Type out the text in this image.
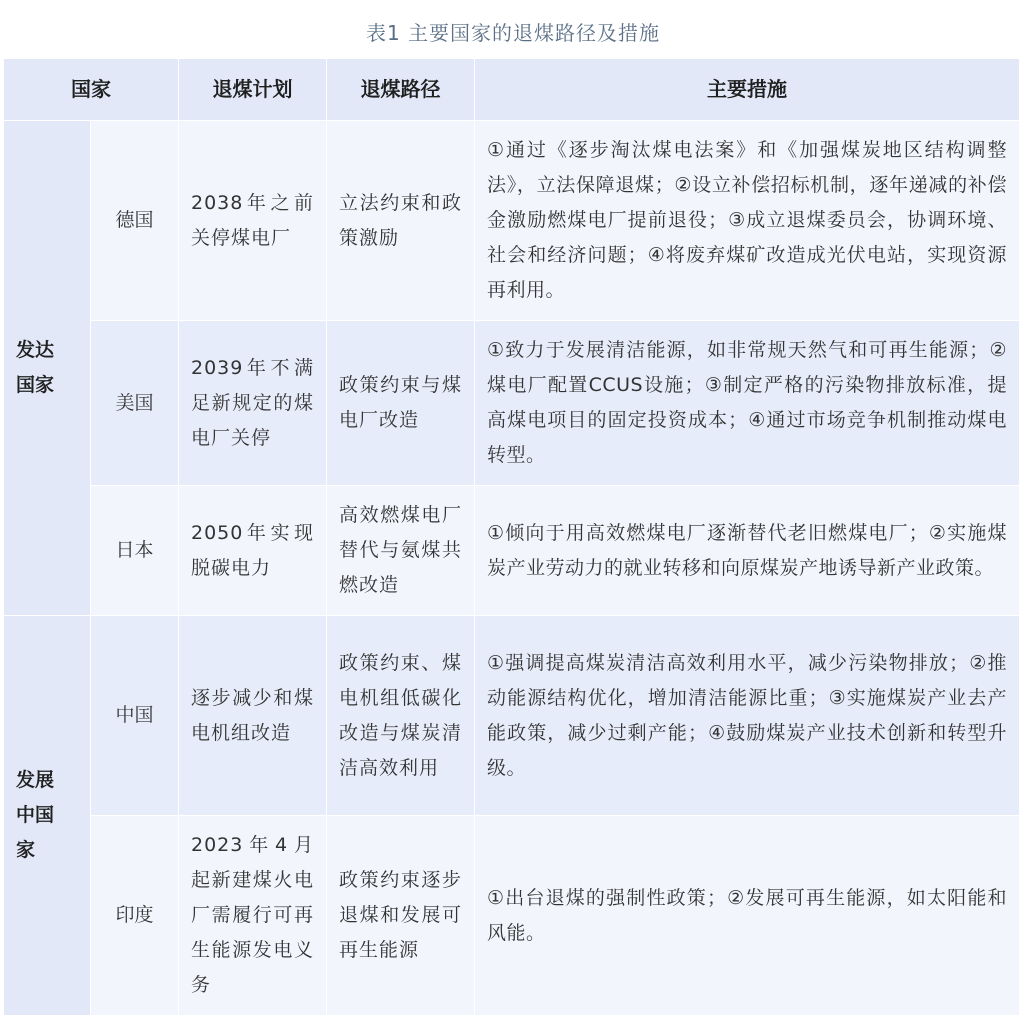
表1 主要国家的退煤路径及措施
国家		退煤计划	退煤路径	主要措施

发达
国家	德国	2038年之前关停煤电厂	立法约束和政策激励	①通过《逐步淘汰煤电法案》和《加强煤炭地区结构调整法》，立法保障退煤；②设立补偿招标机制，逐年递减的补偿金激励燃煤电厂提前退役；③成立退煤委员会，协调环境、社会和经济问题；④将废弃煤矿改造成光伏电站，实现资源再利用。
	美国	2039年不满足新规定的煤电厂关停	政策约束与煤电厂改造	①致力于发展清洁能源，如非常规天然气和可再生能源；②煤电厂配置CCUS设施；③制定严格的污染物排放标准，提高煤电项目的固定投资成本；④通过市场竞争机制推动煤电转型。
	日本	2050年实现脱碳电力	高效燃煤电厂替代与氨煤共燃改造	①倾向于用高效燃煤电厂逐渐替代老旧燃煤电厂；②实施煤炭产业劳动力的就业转移和向原煤炭产地诱导新产业政策。

发展
中国
家	中国	逐步减少和煤电机组改造	政策约束、煤电机组低碳化改造与煤炭清洁高效利用	①强调提高煤炭清洁高效利用水平，减少污染物排放；②推动能源结构优化，增加清洁能源比重；③实施煤炭产业去产能政策，减少过剩产能；④鼓励煤炭产业技术创新和转型升级。
	印度	2023年4月起新建煤火电厂需履行可再生能源发电义务	政策约束逐步退煤和发展可再生能源	①出台退煤的强制性政策；②发展可再生能源，如太阳能和风能。
